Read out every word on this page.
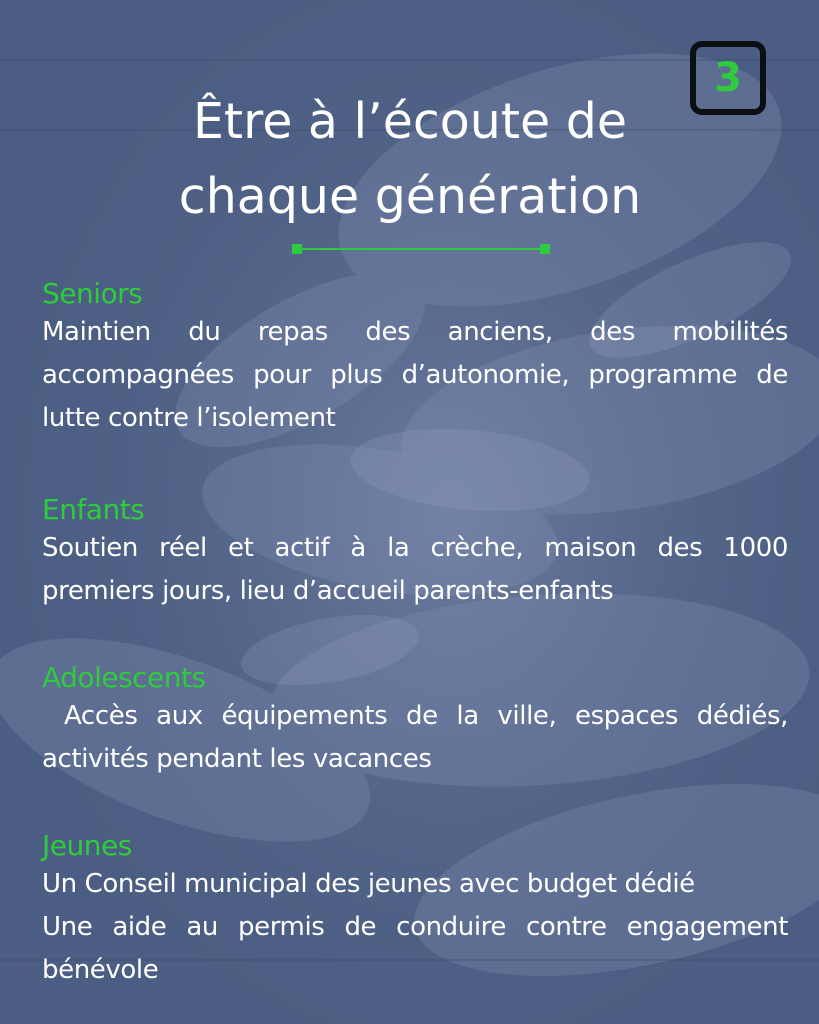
3
Être à l’écoute de
chaque génération

Seniors

Maintien du repas des anciens, des mobilités accompagnées pour plus d’autonomie, programme de lutte contre l’isolement

Enfants

Soutien réel et actif à la crèche, maison des 1000 premiers jours, lieu d’accueil parents-enfants

Adolescents

Accès aux équipements de la ville, espaces dédiés, activités pendant les vacances

Jeunes

Un Conseil municipal des jeunes avec budget dédié

Une aide au permis de conduire contre engagement bénévole
